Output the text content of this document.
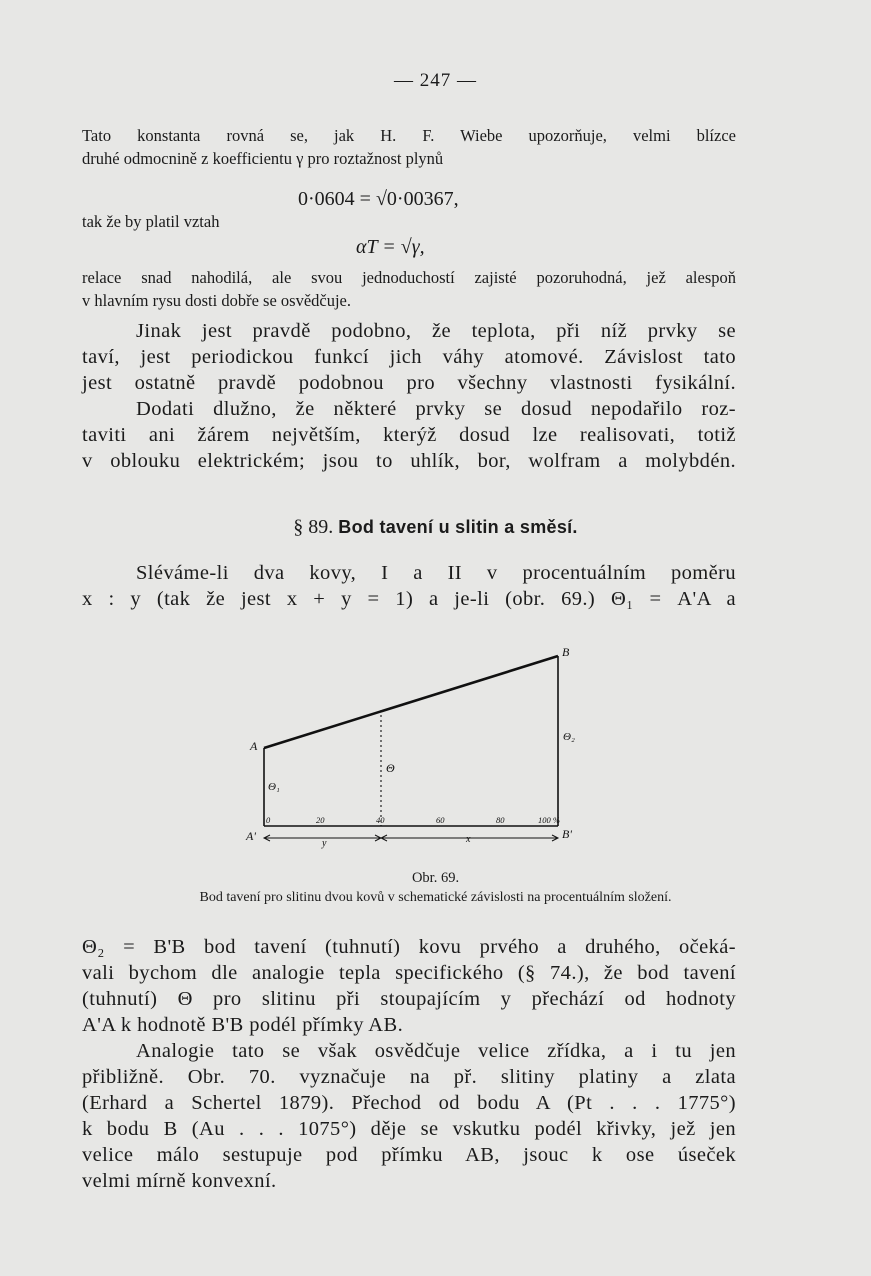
— 247 —
Tato konstanta rovná se, jak H. F. Wiebe upozorňuje, velmi blízce
druhé odmocnině z koefficientu γ pro roztažnost plynů
0·0604 = √0·00367,
tak že by platil vztah
αT = √γ,
relace snad nahodilá, ale svou jednoduchostí zajisté pozoruhodná, jež alespoň
v hlavním rysu dosti dobře se osvědčuje.
Jinak jest pravdě podobno, že teplota, při níž prvky se
taví, jest periodickou funkcí jich váhy atomové. Závislost tato
jest ostatně pravdě podobnou pro všechny vlastnosti fysikální.
Dodati dlužno, že některé prvky se dosud nepodařilo roz-
taviti ani žárem největším, kterýž dosud lze realisovati, totiž
v oblouku elektrickém; jsou to uhlík, bor, wolfram a molybdén.
§ 89. Bod tavení u slitin a směsí.
Sléváme-li dva kovy, I a II v procentuálním poměru
x : y (tak že jest x + y = 1) a je-li (obr. 69.) Θ₁ = A'A a
A
B
A'	B'
Θ
Θ₁
Θ₂
y	x
0	20	40	60	80	100 %
Obr. 69.
Bod tavení pro slitinu dvou kovů v schematické závislosti na procentuálním složení.
Θ₂ = B'B bod tavení (tuhnutí) kovu prvého a druhého, očeká-
vali bychom dle analogie tepla specifického (§ 74.), že bod tavení
(tuhnutí) Θ pro slitinu při stoupajícím y přechází od hodnoty
A'A k hodnotě B'B podél přímky AB.
Analogie tato se však osvědčuje velice zřídka, a i tu jen
přibližně. Obr. 70. vyznačuje na př. slitiny platiny a zlata
(Erhard a Schertel 1879). Přechod od bodu A (Pt . . . 1775°)
k bodu B (Au . . . 1075°) děje se vskutku podél křivky, jež jen
velice málo sestupuje pod přímku AB, jsouc k ose úseček
velmi mírně konvexní.
